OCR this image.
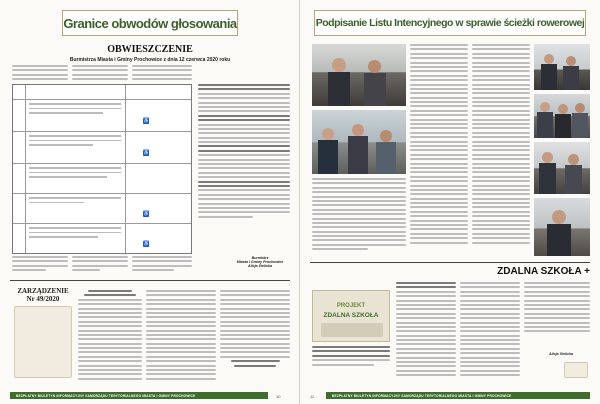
Granice obwodów głosowania
OBWIESZCZENIE
Burmistrza Miasta i Gminy Prochowice z dnia 12 czerwca 2020 roku
♿
♿
♿
♿
Burmistrz
Miasta i Gminy Prochowice
Alicja Sielicka
ZARZĄDZENIE
Nr 49/2020
BEZPŁATNY BIULETYN INFORMACYJNY SAMORZĄDU TERYTORIALNEGO MIASTA I GMINY PROCHOWICE	10
Podpisanie Listu Intencyjnego w sprawie ścieżki rowerowej
ZDALNA SZKOŁA +
PROJEKT
ZDALNA SZKOŁA
Alicja Sielicka
11	BEZPŁATNY BIULETYN INFORMACYJNY SAMORZĄDU TERYTORIALNEGO MIASTA I GMINY PROCHOWICE
